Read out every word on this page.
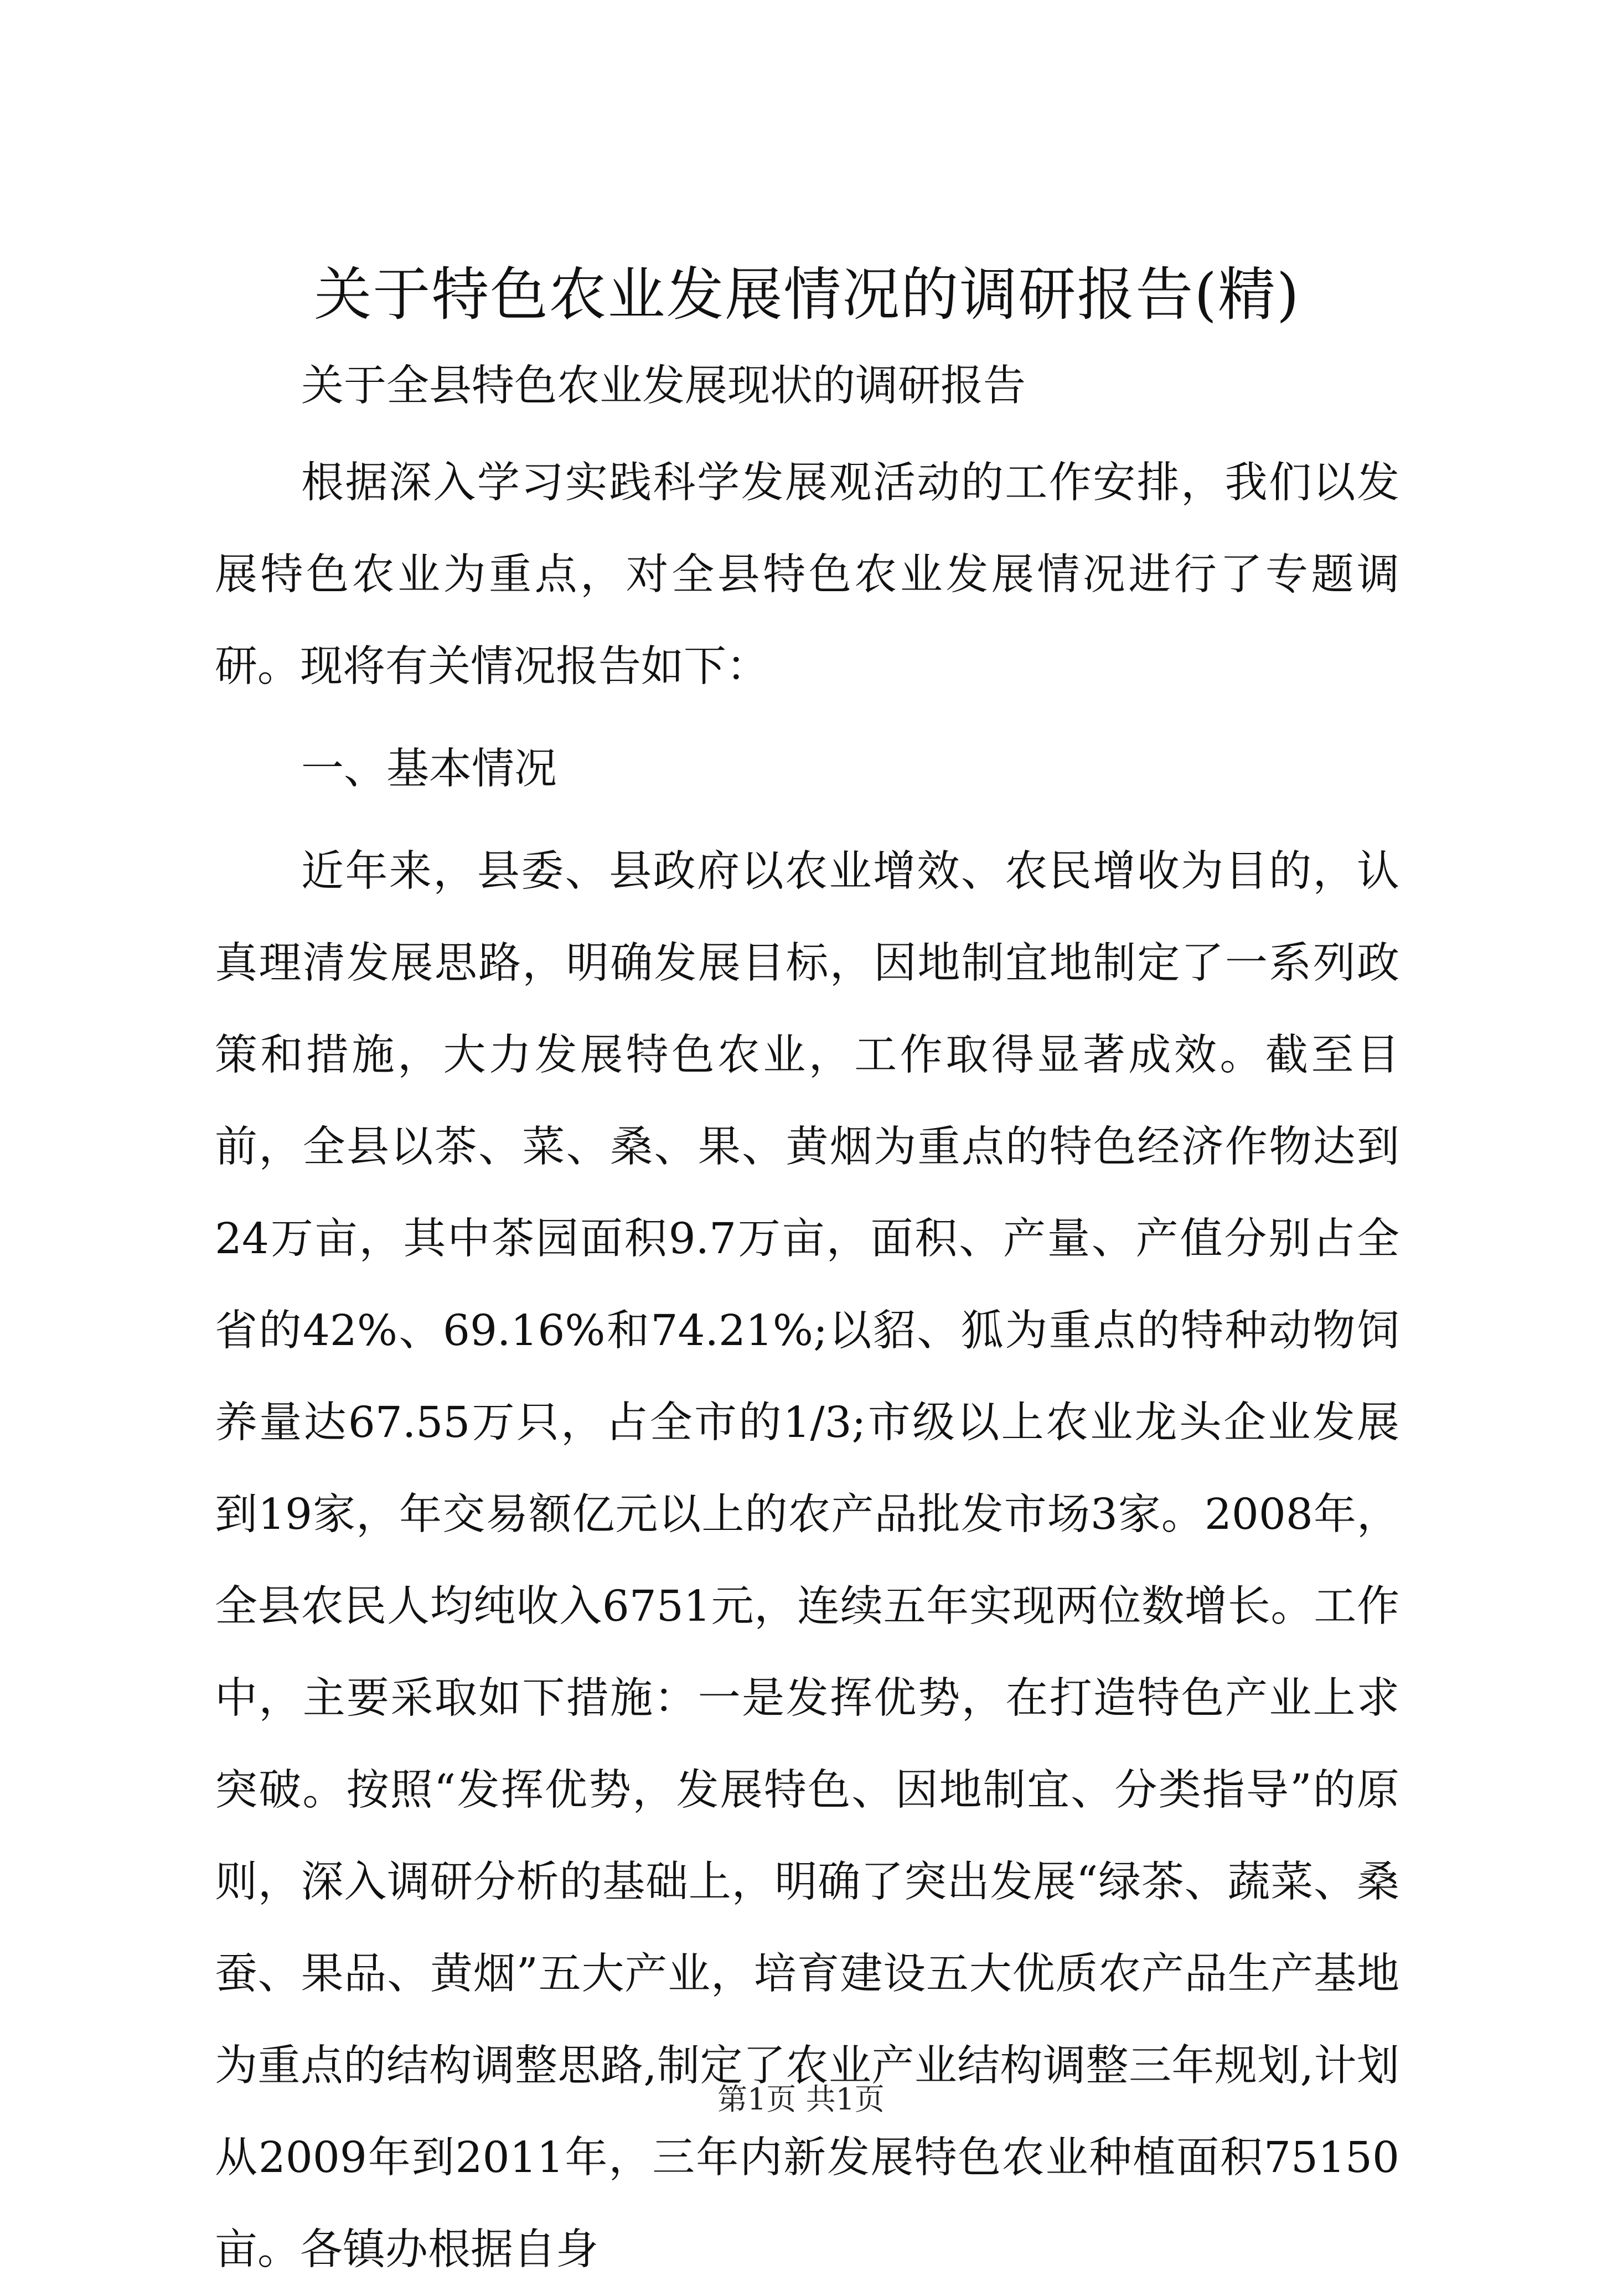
关于特色农业发展情况的调研报告(精)

关于全县特色农业发展现状的调研报告

根据深入学习实践科学发展观活动的工作安排，我们以发展特色农业为重点，对全县特色农业发展情况进行了专题调研。现将有关情况报告如下：

一、基本情况

近年来，县委、县政府以农业增效、农民增收为目的，认真理清发展思路，明确发展目标，因地制宜地制定了一系列政策和措施，大力发展特色农业，工作取得显著成效。截至目前，全县以茶、菜、桑、果、黄烟为重点的特色经济作物达到24万亩，其中茶园面积9.7万亩，面积、产量、产值分别占全省的42%、69.16%和74.21%;以貂、狐为重点的特种动物饲养量达67.55万只，占全市的1/3;市级以上农业龙头企业发展到19家，年交易额亿元以上的农产品批发市场3家。2008年，全县农民人均纯收入6751元，连续五年实现两位数增长。工作中，主要采取如下措施：一是发挥优势，在打造特色产业上求突破。按照“发挥优势，发展特色、因地制宜、分类指导”的原则，深入调研分析的基础上，明确了突出发展“绿茶、蔬菜、桑蚕、果品、黄烟”五大产业，培育建设五大优质农产品生产基地为重点的结构调整思路,制定了农业产业结构调整三年规划,计划从2009年到2011年，三年内新发展特色农业种植面积75150亩。各镇办根据自身

第1页 共1页
